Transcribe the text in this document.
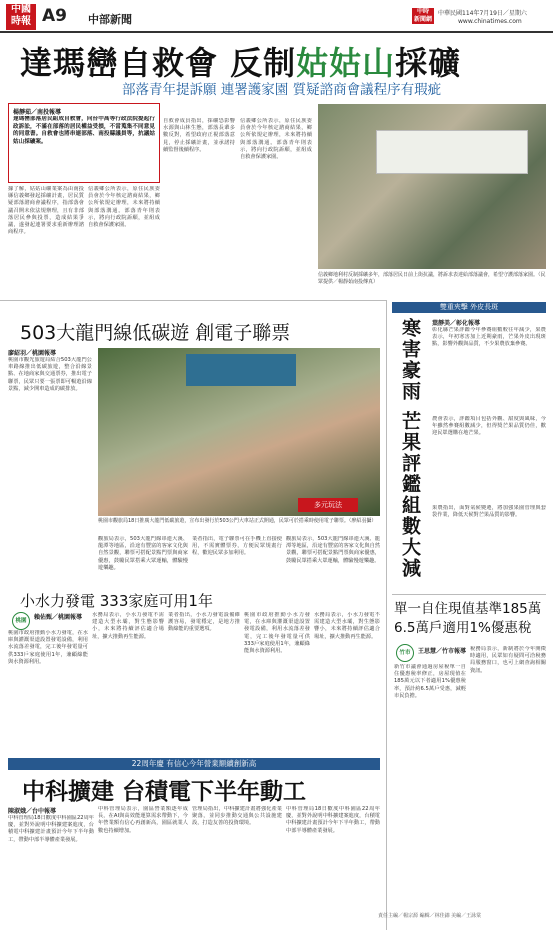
中國
時報 A9 中部新聞
中時
新聞網
中華民國114年7月19日／星期六
www.chinatimes.com
達瑪巒自救會 反制姑姑山採礦
部落青年提訴願 連署護家園 質疑諮商會議程序有瑕疵
楊靜茹／南投報導
達瑪巒部落居民組成自救會，向台中高等行政法院提起行政訴訟，不滿在部落的居民權益受損，不當蒐集不同意見的同意書。自救會也將串連部落、南投縣議員等，抗議姑姑山採礦案。
據了解，姑姑山礦業案為由南投縣信義鄉發起採礦計畫，居民質疑部落諮商會議程序，指部落會議召開未依法規辦理，且有非部落居民參與投票，造成結果爭議，遂發起連署要求重新辦理諮商程序。
信義鄉公所表示，原住民族委員會於今年核定諮商結果，鄉公所依規定辦理，未來將持續與部落溝通。部落青年則表示，將向行政院訴願，並組成自救會保護家園。
自救會成員指出，採礦恐影響水源與山林生態，部落長輩多數反對，希望政府正視部落意見，停止採礦計畫，並承諾持續監督後續程序。
信義鄉公所表示，原住民族委員會於今年核定諮商結果，鄉公所依規定辦理，未來將持續與部落溝通。部落青年則表示，將向行政院訴願，並組成自救會保護家園。
信義鄉地利村反制採礦多年，部落居民日前上街抗議，將訴求表達給部落議會，希望守護部落家園。（民眾提供／楊靜茹南投傳真）
503大龍門線低碳遊 創電子聯票
廖紹羽／桃園報導
桃園市觀光旅遊局結合503大龍門公車路線推出低碳旅遊，整合沿線景點、在地商家與交通票券，推出電子聯票，民眾只要一張票即可暢遊沿線景點，減少開車造成的碳排放。
多元玩法
桃園市觀旅局18日推廣大龍門低碳旅遊，宣布出發行於503公門大車站正式開通，民眾可於搭乘時使用電子聯票。（廖紹羽攝）
觀旅局表示，503大龍門線串連大溪、龍潭等地區，沿途有豐富的客家文化與自然景觀，聯票可搭配景點門票與商家優惠，鼓勵民眾搭乘大眾運輸，體驗慢遊樂趣。
業者指出，電子聯票可在手機上直接使用，不需實體票券，方便民眾規畫行程，歡迎民眾多加利用。
觀旅局表示，503大龍門線串連大溪、龍潭等地區，沿途有豐富的客家文化與自然景觀，聯票可搭配景點門票與商家優惠，鼓勵民眾搭乘大眾運輸，體驗慢遊樂趣。
小水力發電 333家庭可用1年
桃園	賴佑甄／桃園報導
桃園市政府推動小水力發電，在水庫與灌溉渠道設置發電設備，利用水流落差發電，完工後年發電量可供333戶家庭使用1年，兼顧綠能與水資源利用。
水務局表示，小水力發電不需建造大型水壩，對生態影響小，未來將持續評估適合場址，擴大推動再生能源。
業者指出，小水力發電設備維護容易，發電穩定，是地方推動綠能的重要選項。
桃園市政府推動小水力發電，在水庫與灌溉渠道設置發電設備，利用水流落差發電，完工後年發電量可供333戶家庭使用1年，兼顧綠能與水資源利用。
水務局表示，小水力發電不需建造大型水壩，對生態影響小，未來將持續評估適合場址，擴大推動再生能源。
22周年慶 有信心今年營業額續創新高
中科擴建 台積電下半年動工
陳淑娥／台中報導
中科管理局18日歡度中科園區22周年慶，並對外說明中科擴建案進度，台積電中科擴建計畫預計今年下半年動工，帶動中部半導體產業發展。
中科管理局表示，園區營業額逐年成長，在AI與高效能運算需求帶動下，今年營業額有信心再創新高，園區就業人數也持續增加。
管理局指出，中科擴建計畫將強化產業聚落，並同步推動交通與公共設施建設，打造友善的投資環境。
中科管理局18日歡度中科園區22周年慶，並對外說明中科擴建案進度，台積電中科擴建計畫預計今年下半年動工，帶動中部半導體產業發展。
雙重夾擊 外皮長斑
寒害豪雨 芒果評鑑組數大減	葉靜美／彰化報導
彰化縣芒果評鑑今年參賽組數較往年減少，果農表示，年初寒害加上近期豪雨，芒果外皮出現斑點，影響外觀與品質，不少果農放棄參賽。
農會表示，評鑑項目包括外觀、甜度與風味，今年雖然參賽組數減少，但得獎芒果品質仍佳，歡迎民眾選購在地芒果。
果農指出，面對氣候變遷，將加強果園管理與套袋作業，降低天候對芒果品質的影響。
單一自住現值基準185萬 6.5萬戶適用1%優惠稅
竹市	王思慧／竹市報導
新竹市議會通過房屋稅單一自住優惠稅率修正，房屋現值在185萬元以下者適用1%優惠稅率，預計約6.5萬戶受惠，減輕市民負擔。
稅務局表示，新制將於今年開徵時適用，民眾如有疑問可洽稅務局服務窗口，也可上網查詢相關資訊。
責任主編／楊宗源 編輯／林佳錦 美編／王詠棠
